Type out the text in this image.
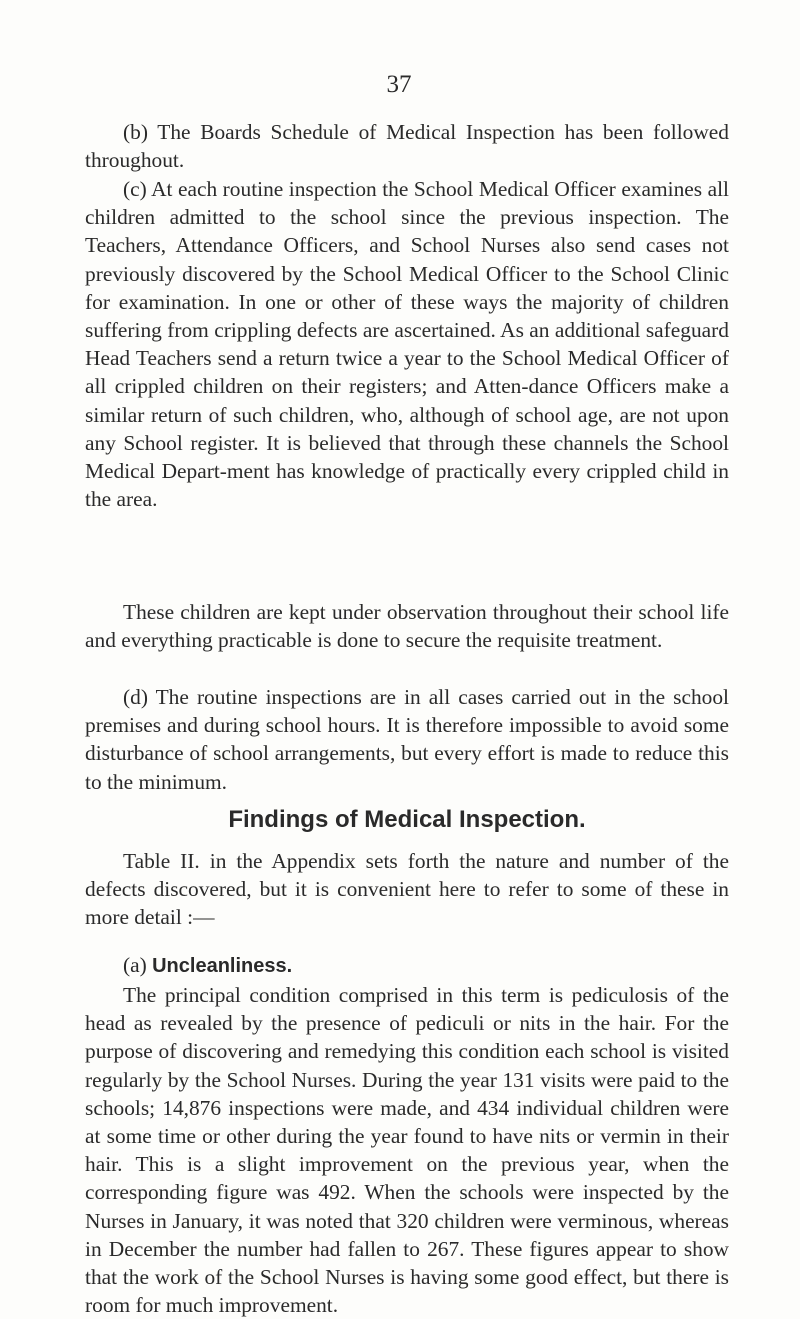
37

(b) The Boards Schedule of Medical Inspection has been followed throughout.

(c) At each routine inspection the School Medical Officer examines all children admitted to the school since the previous inspection. The Teachers, Attendance Officers, and School Nurses also send cases not previously discovered by the School Medical Officer to the School Clinic for examination. In one or other of these ways the majority of children suffering from crippling defects are ascertained. As an additional safeguard Head Teachers send a return twice a year to the School Medical Officer of all crippled children on their registers; and Atten-dance Officers make a similar return of such children, who, although of school age, are not upon any School register. It is believed that through these channels the School Medical Depart-ment has knowledge of practically every crippled child in the area.

These children are kept under observation throughout their school life and everything practicable is done to secure the requisite treatment.

(d) The routine inspections are in all cases carried out in the school premises and during school hours. It is therefore impossible to avoid some disturbance of school arrangements, but every effort is made to reduce this to the minimum.

Findings of Medical Inspection.

Table II. in the Appendix sets forth the nature and number of the defects discovered, but it is convenient here to refer to some of these in more detail :—

(a) Uncleanliness.

The principal condition comprised in this term is pediculosis of the head as revealed by the presence of pediculi or nits in the hair. For the purpose of discovering and remedying this condition each school is visited regularly by the School Nurses. During the year 131 visits were paid to the schools; 14,876 inspections were made, and 434 individual children were at some time or other during the year found to have nits or vermin in their hair. This is a slight improvement on the previous year, when the corresponding figure was 492. When the schools were inspected by the Nurses in January, it was noted that 320 children were verminous, whereas in December the number had fallen to 267. These figures appear to show that the work of the School Nurses is having some good effect, but there is room for much improvement.
